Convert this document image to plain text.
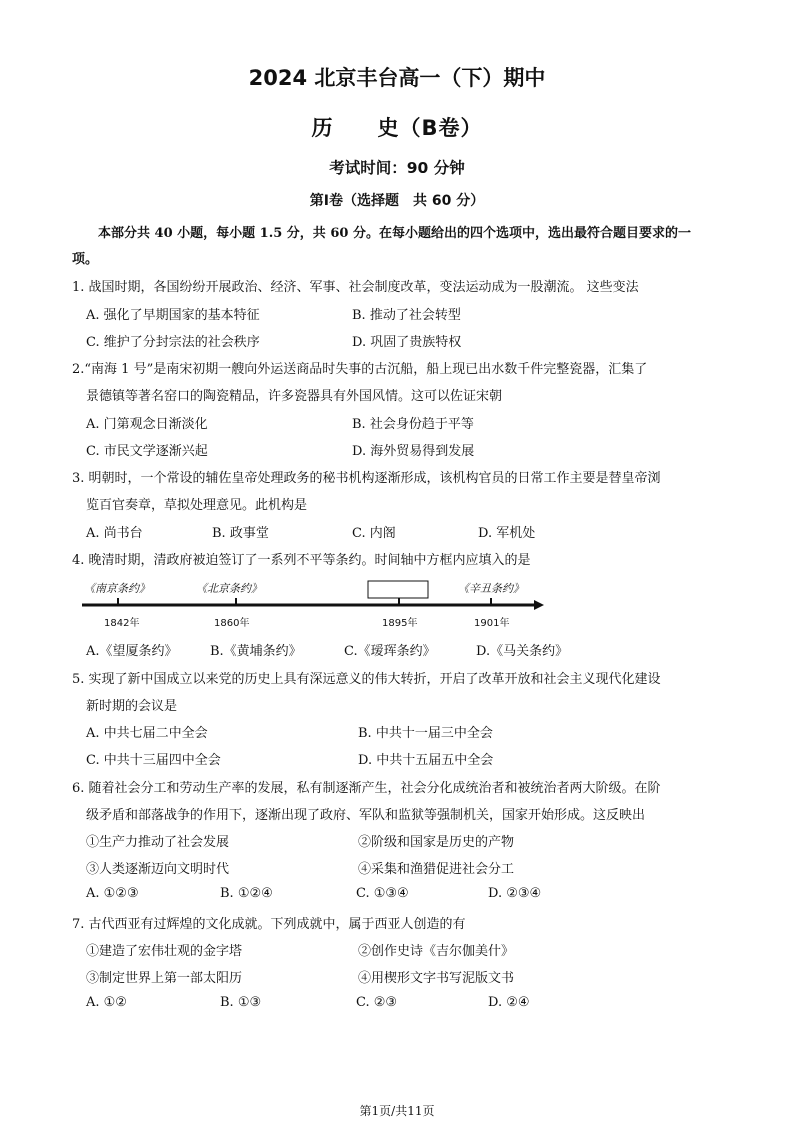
2024 北京丰台高一（下）期中
历　　史（B卷）
考试时间：90 分钟
第Ⅰ卷（选择题　共 60 分）
本部分共 40 小题，每小题 1.5 分，共 60 分。在每小题给出的四个选项中，选出最符合题目要求的一
项。
1. 战国时期，各国纷纷开展政治、经济、军事、社会制度改革，变法运动成为一股潮流。 这些变法
A. 强化了早期国家的基本特征	B. 推动了社会转型
C. 维护了分封宗法的社会秩序	D. 巩固了贵族特权
2.“南海 1 号”是南宋初期一艘向外运送商品时失事的古沉船，船上现已出水数千件完整瓷器，汇集了
景德镇等著名窑口的陶瓷精品，许多瓷器具有外国风情。这可以佐证宋朝
A. 门第观念日渐淡化	B. 社会身份趋于平等
C. 市民文学逐渐兴起	D. 海外贸易得到发展
3. 明朝时，一个常设的辅佐皇帝处理政务的秘书机构逐渐形成，该机构官员的日常工作主要是替皇帝浏
览百官奏章，草拟处理意见。此机构是
A. 尚书台	B. 政事堂	C. 内阁	D. 军机处
4. 晚清时期，清政府被迫签订了一系列不平等条约。时间轴中方框内应填入的是
《南京条约》	《北京条约》	《辛丑条约》
1842年	1860年	1895年	1901年
A.《望厦条约》 B.《黄埔条约》	C.《瑷珲条约》	D.《马关条约》
5. 实现了新中国成立以来党的历史上具有深远意义的伟大转折，开启了改革开放和社会主义现代化建设
新时期的会议是
A. 中共七届二中全会	B. 中共十一届三中全会
C. 中共十三届四中全会	D. 中共十五届五中全会
6. 随着社会分工和劳动生产率的发展，私有制逐渐产生，社会分化成统治者和被统治者两大阶级。在阶
级矛盾和部落战争的作用下，逐渐出现了政府、军队和监狱等强制机关，国家开始形成。这反映出
①生产力推动了社会发展	②阶级和国家是历史的产物
③人类逐渐迈向文明时代	④采集和渔猎促进社会分工
A. ①②③	B. ①②④	C. ①③④	D. ②③④
7. 古代西亚有过辉煌的文化成就。下列成就中，属于西亚人创造的有
①建造了宏伟壮观的金字塔	②创作史诗《吉尔伽美什》
③制定世界上第一部太阳历	④用楔形文字书写泥版文书
A. ①②	B. ①③	C. ②③	D. ②④
第1页/共11页
